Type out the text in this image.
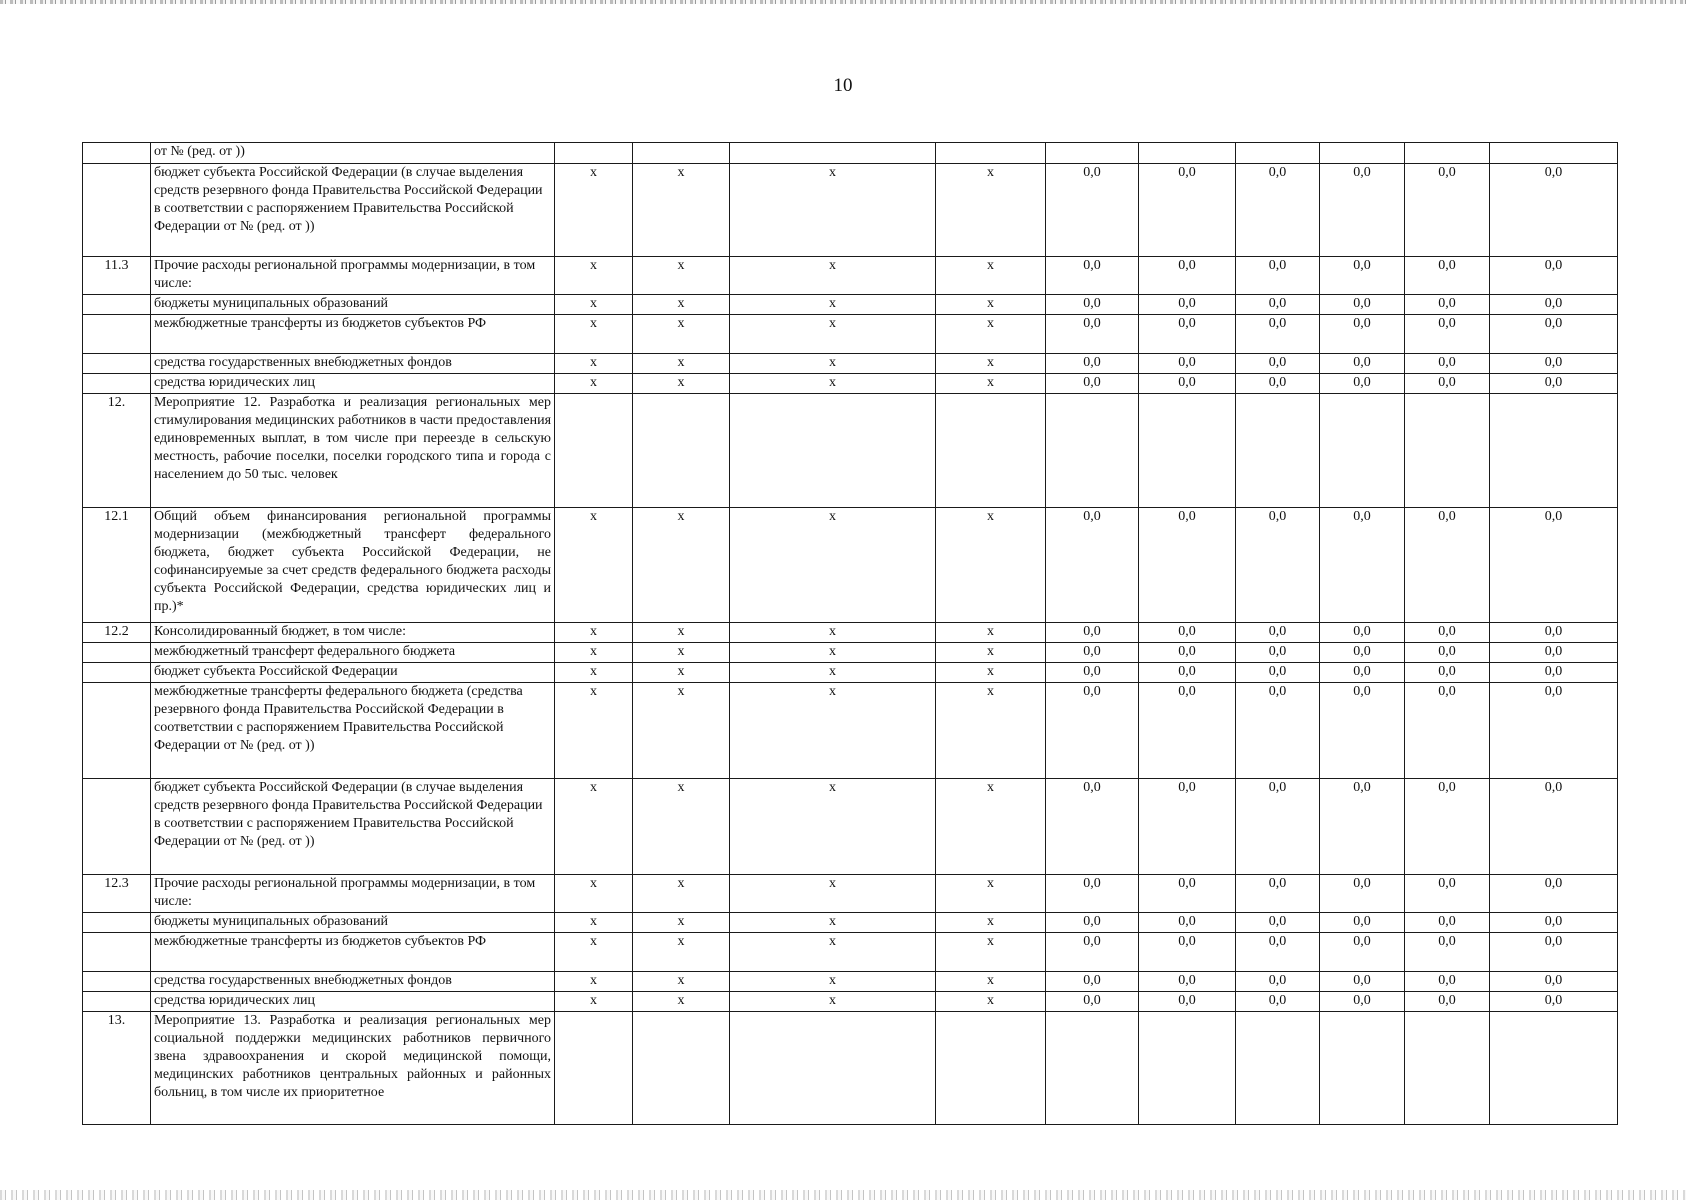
10
	от № (ред. от ))										
	бюджет субъекта Российской Федерации (в случае выделения средств резервного фонда Правительства Российской Федерации в соответствии с распоряжением Правительства Российской Федерации от № (ред. от ))	x	x	x	x	0,0	0,0	0,0	0,0	0,0	0,0
11.3	Прочие расходы региональной программы модернизации, в том числе:	x	x	x	x	0,0	0,0	0,0	0,0	0,0	0,0
	бюджеты муниципальных образований	x	x	x	x	0,0	0,0	0,0	0,0	0,0	0,0
	межбюджетные трансферты из бюджетов субъектов РФ	x	x	x	x	0,0	0,0	0,0	0,0	0,0	0,0
	средства государственных внебюджетных фондов	x	x	x	x	0,0	0,0	0,0	0,0	0,0	0,0
	средства юридических лиц	x	x	x	x	0,0	0,0	0,0	0,0	0,0	0,0
12.	Мероприятие 12. Разработка и реализация региональных мер стимулирования медицинских работников в части предоставления единовременных выплат, в том числе при переезде в сельскую местность, рабочие поселки, поселки городского типа и города с населением до 50 тыс. человек										
12.1	Общий объем финансирования региональной программы модернизации (межбюджетный трансферт федерального бюджета, бюджет субъекта Российской Федерации, не софинансируемые за счет средств федерального бюджета расходы субъекта Российской Федерации, средства юридических лиц и пр.)*	x	x	x	x	0,0	0,0	0,0	0,0	0,0	0,0
12.2	Консолидированный бюджет, в том числе:	x	x	x	x	0,0	0,0	0,0	0,0	0,0	0,0
	межбюджетный трансферт федерального бюджета	x	x	x	x	0,0	0,0	0,0	0,0	0,0	0,0
	бюджет субъекта Российской Федерации	x	x	x	x	0,0	0,0	0,0	0,0	0,0	0,0
	межбюджетные трансферты федерального бюджета (средства резервного фонда Правительства Российской Федерации в соответствии с распоряжением Правительства Российской Федерации от № (ред. от ))	x	x	x	x	0,0	0,0	0,0	0,0	0,0	0,0
	бюджет субъекта Российской Федерации (в случае выделения средств резервного фонда Правительства Российской Федерации в соответствии с распоряжением Правительства Российской Федерации от № (ред. от ))	x	x	x	x	0,0	0,0	0,0	0,0	0,0	0,0
12.3	Прочие расходы региональной программы модернизации, в том числе:	x	x	x	x	0,0	0,0	0,0	0,0	0,0	0,0
	бюджеты муниципальных образований	x	x	x	x	0,0	0,0	0,0	0,0	0,0	0,0
	межбюджетные трансферты из бюджетов субъектов РФ	x	x	x	x	0,0	0,0	0,0	0,0	0,0	0,0
	средства государственных внебюджетных фондов	x	x	x	x	0,0	0,0	0,0	0,0	0,0	0,0
	средства юридических лиц	x	x	x	x	0,0	0,0	0,0	0,0	0,0	0,0
13.	Мероприятие 13. Разработка и реализация региональных мер социальной поддержки медицинских работников первичного звена здравоохранения и скорой медицинской помощи, медицинских работников центральных районных и районных больниц, в том числе их приоритетное										
